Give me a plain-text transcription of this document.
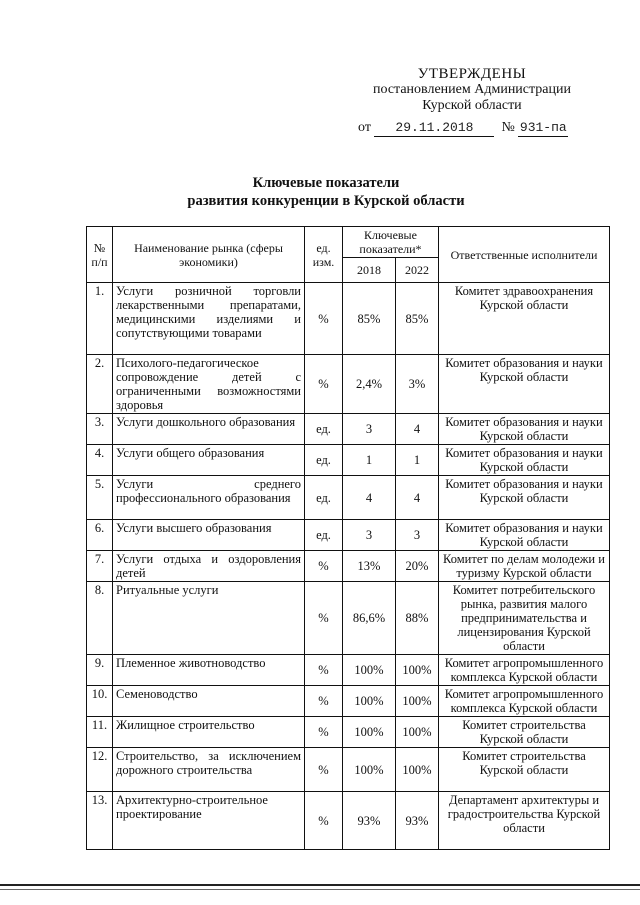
УТВЕРЖДЕНЫ
постановлением Администрации
Курской области
от 29.11.2018 № 931-па
Ключевые показатели
развития конкуренции в Курской области
№ п/п	Наименование рынка (сферы экономики)	ед. изм.	Ключевые показатели*		Ответственные исполнители
			2018	2022	
1.	Услуги розничной торговли лекарственными препаратами, медицинскими изделиями и сопутствующими товарами	%	85%	85%	Комитет здравоохранения Курской области
2.	Психолого-педагогическое сопровождение детей с ограниченными возможностями здоровья	%	2,4%	3%	Комитет образования и науки Курской области
3.	Услуги дошкольного образования	ед.	3	4	Комитет образования и науки Курской области
4.	Услуги общего образования	ед.	1	1	Комитет образования и науки Курской области
5.	Услуги среднего профессионального образования	ед.	4	4	Комитет образования и науки Курской области
6.	Услуги высшего образования	ед.	3	3	Комитет образования и науки Курской области
7.	Услуги отдыха и оздоровления детей	%	13%	20%	Комитет по делам молодежи и туризму Курской области
8.	Ритуальные услуги	%	86,6%	88%	Комитет потребительского рынка, развития малого предпринимательства и лицензирования Курской области
9.	Племенное животноводство	%	100%	100%	Комитет агропромышленного комплекса Курской области
10.	Семеноводство	%	100%	100%	Комитет агропромышленного комплекса Курской области
11.	Жилищное строительство	%	100%	100%	Комитет строительства Курской области
12.	Строительство, за исключением дорожного строительства	%	100%	100%	Комитет строительства Курской области
13.	Архитектурно-строительное проектирование	%	93%	93%	Департамент архитектуры и градостроительства Курской области
